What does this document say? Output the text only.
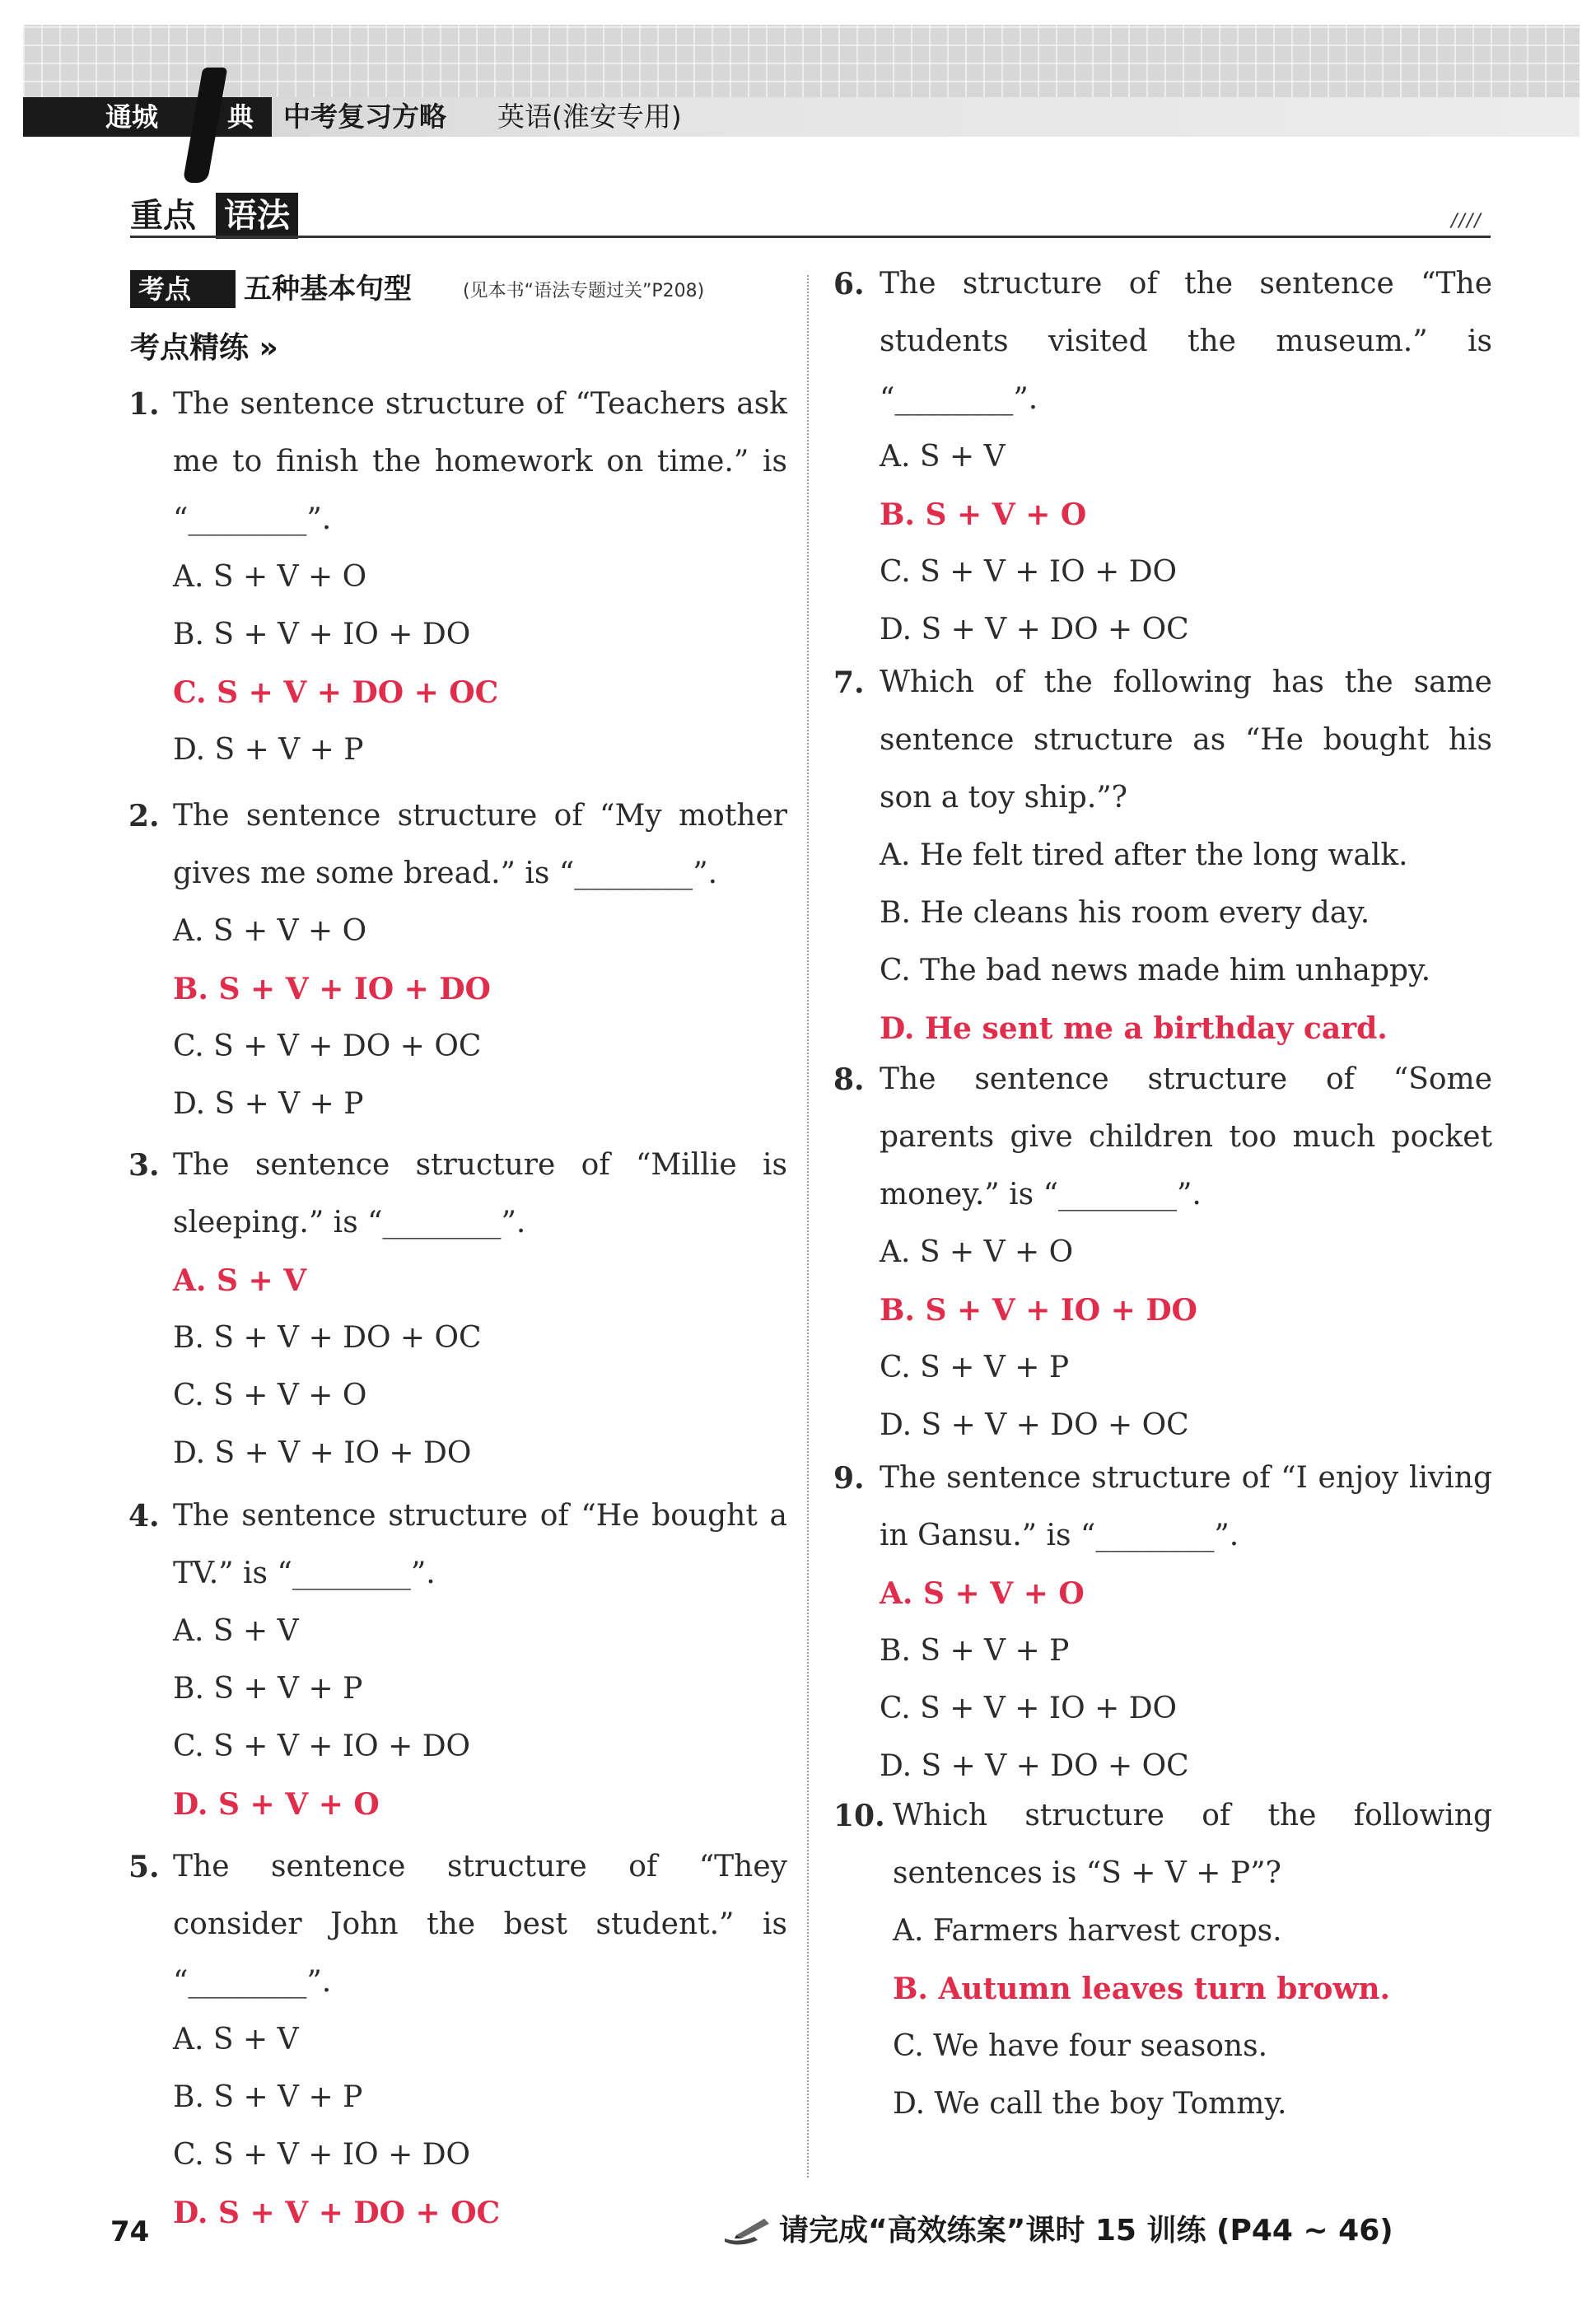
通城	典 中考复习方略 英语(淮安专用)
重点 语法	////
考点	五种基本句型	(见本书“语法专题过关”P208)
考点精练 »
1. The sentence structure of “Teachers ask me to finish the homework on time.” is “________”.
A. S + V + O
B. S + V + IO + DO
C. S + V + DO + OC
D. S + V + P
2. The sentence structure of “My mother gives me some bread.” is “________”.
A. S + V + O
B. S + V + IO + DO
C. S + V + DO + OC
D. S + V + P
3. The sentence structure of “Millie is sleeping.” is “________”.
A. S + V
B. S + V + DO + OC
C. S + V + O
D. S + V + IO + DO
4. The sentence structure of “He bought a TV.” is “________”.
A. S + V
B. S + V + P
C. S + V + IO + DO
D. S + V + O
5. The sentence structure of “They consider John the best student.” is “________”.
A. S + V
B. S + V + P
C. S + V + IO + DO
D. S + V + DO + OC
6. The structure of the sentence “The students visited the museum.” is “________”.
A. S + V
B. S + V + O
C. S + V + IO + DO
D. S + V + DO + OC
7. Which of the following has the same sentence structure as “He bought his son a toy ship.”?
A. He felt tired after the long walk.
B. He cleans his room every day.
C. The bad news made him unhappy.
D. He sent me a birthday card.
8. The sentence structure of “Some parents give children too much pocket money.” is “________”.
A. S + V + O
B. S + V + IO + DO
C. S + V + P
D. S + V + DO + OC
9. The sentence structure of “I enjoy living in Gansu.” is “________”.
A. S + V + O
B. S + V + P
C. S + V + IO + DO
D. S + V + DO + OC
10. Which structure of the following sentences is “S + V + P”?
A. Farmers harvest crops.
B. Autumn leaves turn brown.
C. We have four seasons.
D. We call the boy Tommy.
74	请完成“高效练案”课时 15 训练 (P44 ~ 46)
